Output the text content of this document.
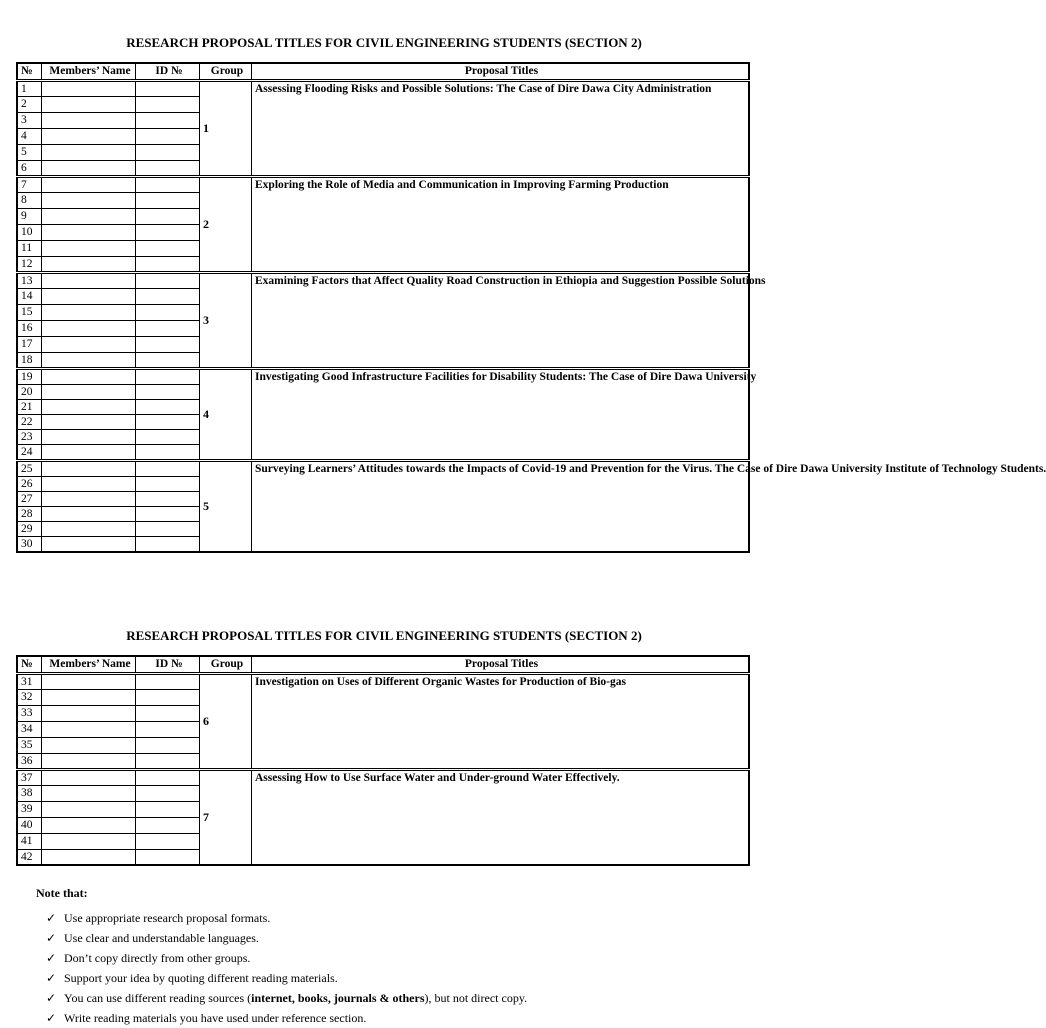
RESEARCH PROPOSAL TITLES FOR CIVIL ENGINEERING STUDENTS (SECTION 2)
№	Members’ Name	ID №	Group	Proposal Titles
1			1	Assessing Flooding Risks and Possible Solutions: The Case of Dire Dawa City Administration
2				
3				
4				
5				
6				
7			2	Exploring the Role of Media and Communication in Improving Farming Production
8				
9				
10				
11				
12				
13			3	Examining Factors that Affect Quality Road Construction in Ethiopia and Suggestion Possible Solutions
14				
15				
16				
17				
18				
19			4	Investigating Good Infrastructure Facilities for Disability Students: The Case of Dire Dawa University
20				
21				
22				
23				
24				
25			5	Surveying Learners’ Attitudes towards the Impacts of Covid-19 and Prevention for the Virus. The Case of Dire Dawa University Institute of Technology Students.
26				
27				
28				
29				
30				
RESEARCH PROPOSAL TITLES FOR CIVIL ENGINEERING STUDENTS (SECTION 2)
№	Members’ Name	ID №	Group	Proposal Titles
31			6	Investigation on Uses of Different Organic Wastes for Production of Bio-gas
32				
33				
34				
35				
36				
37			7	Assessing How to Use Surface Water and Under-ground Water Effectively.
38				
39				
40				
41				
42				
Note that:
✓ Use appropriate research proposal formats.
✓ Use clear and understandable languages.
✓ Don’t copy directly from other groups.
✓ Support your idea by quoting different reading materials.
✓ You can use different reading sources (internet, books, journals & others), but not direct copy.
✓ Write reading materials you have used under reference section.
